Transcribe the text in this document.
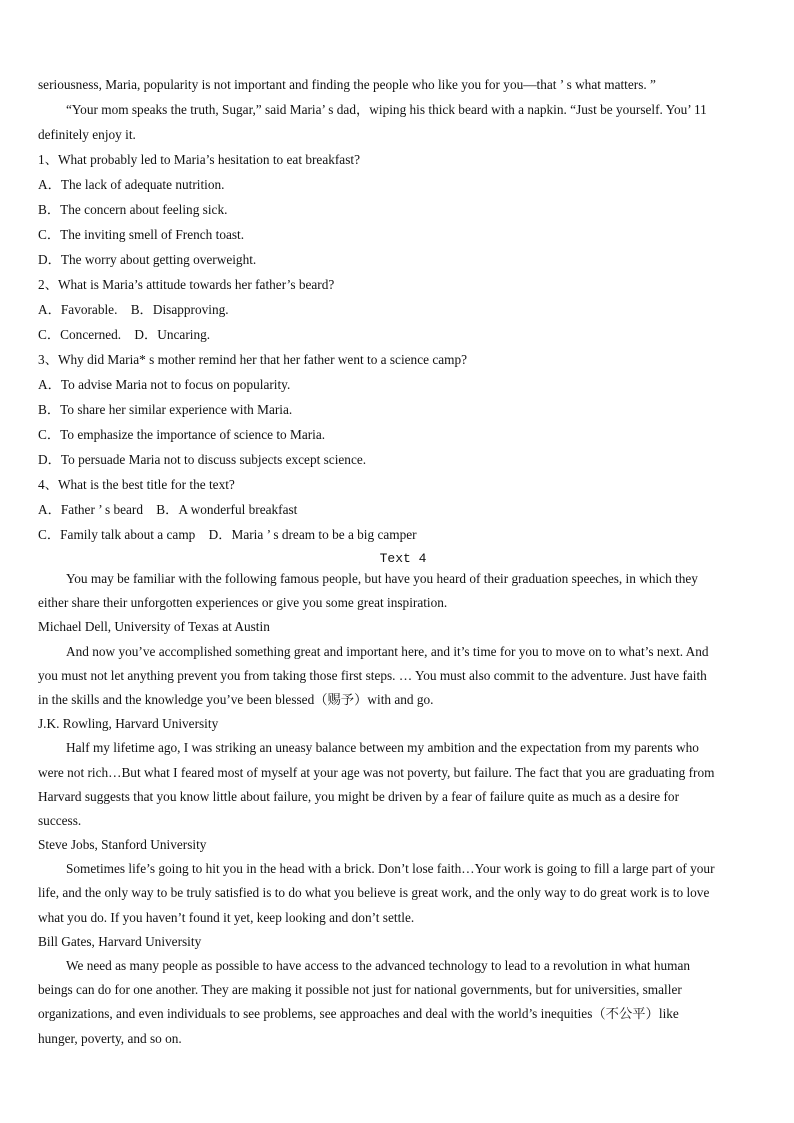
seriousness, Maria, popularity is not important and finding the people who like you for you—that ’ s what matters. ”
“Your mom speaks the truth, Sugar,” said Maria’ s dad，wiping his thick beard with a napkin. “Just be yourself. You’ 11
definitely enjoy it.
1、What probably led to Maria’s hesitation to eat breakfast?
A．The lack of adequate nutrition.
B．The concern about feeling sick.
C．The inviting smell of French toast.
D．The worry about getting overweight.
2、What is Maria’s attitude towards her father’s beard?
A．Favorable.　B．Disapproving.
C．Concerned.　D．Uncaring.
3、Why did Maria* s mother remind her that her father went to a science camp?
A．To advise Maria not to focus on popularity.
B．To share her similar experience with Maria.
C．To emphasize the importance of science to Maria.
D．To persuade Maria not to discuss subjects except science.
4、What is the best title for the text?
A．Father ’ s beard　B．A wonderful breakfast
C．Family talk about a camp　D．Maria ’ s dream to be a big camper
Text 4
You may be familiar with the following famous people, but have you heard of their graduation speeches, in which they
either share their unforgotten experiences or give you some great inspiration.
Michael Dell, University of Texas at Austin
And now you’ve accomplished something great and important here, and it’s time for you to move on to what’s next. And
you must not let anything prevent you from taking those first steps. … You must also commit to the adventure. Just have faith
in the skills and the knowledge you’ve been blessed（赐予）with and go.
J.K. Rowling, Harvard University
Half my lifetime ago, I was striking an uneasy balance between my ambition and the expectation from my parents who
were not rich…But what I feared most of myself at your age was not poverty, but failure. The fact that you are graduating from
Harvard suggests that you know little about failure, you might be driven by a fear of failure quite as much as a desire for
success.
Steve Jobs, Stanford University
Sometimes life’s going to hit you in the head with a brick. Don’t lose faith…Your work is going to fill a large part of your
life, and the only way to be truly satisfied is to do what you believe is great work, and the only way to do great work is to love
what you do. If you haven’t found it yet, keep looking and don’t settle.
Bill Gates, Harvard University
We need as many people as possible to have access to the advanced technology to lead to a revolution in what human
beings can do for one another. They are making it possible not just for national governments, but for universities, smaller
organizations, and even individuals to see problems, see approaches and deal with the world’s inequities（不公平）like
hunger, poverty, and so on.
